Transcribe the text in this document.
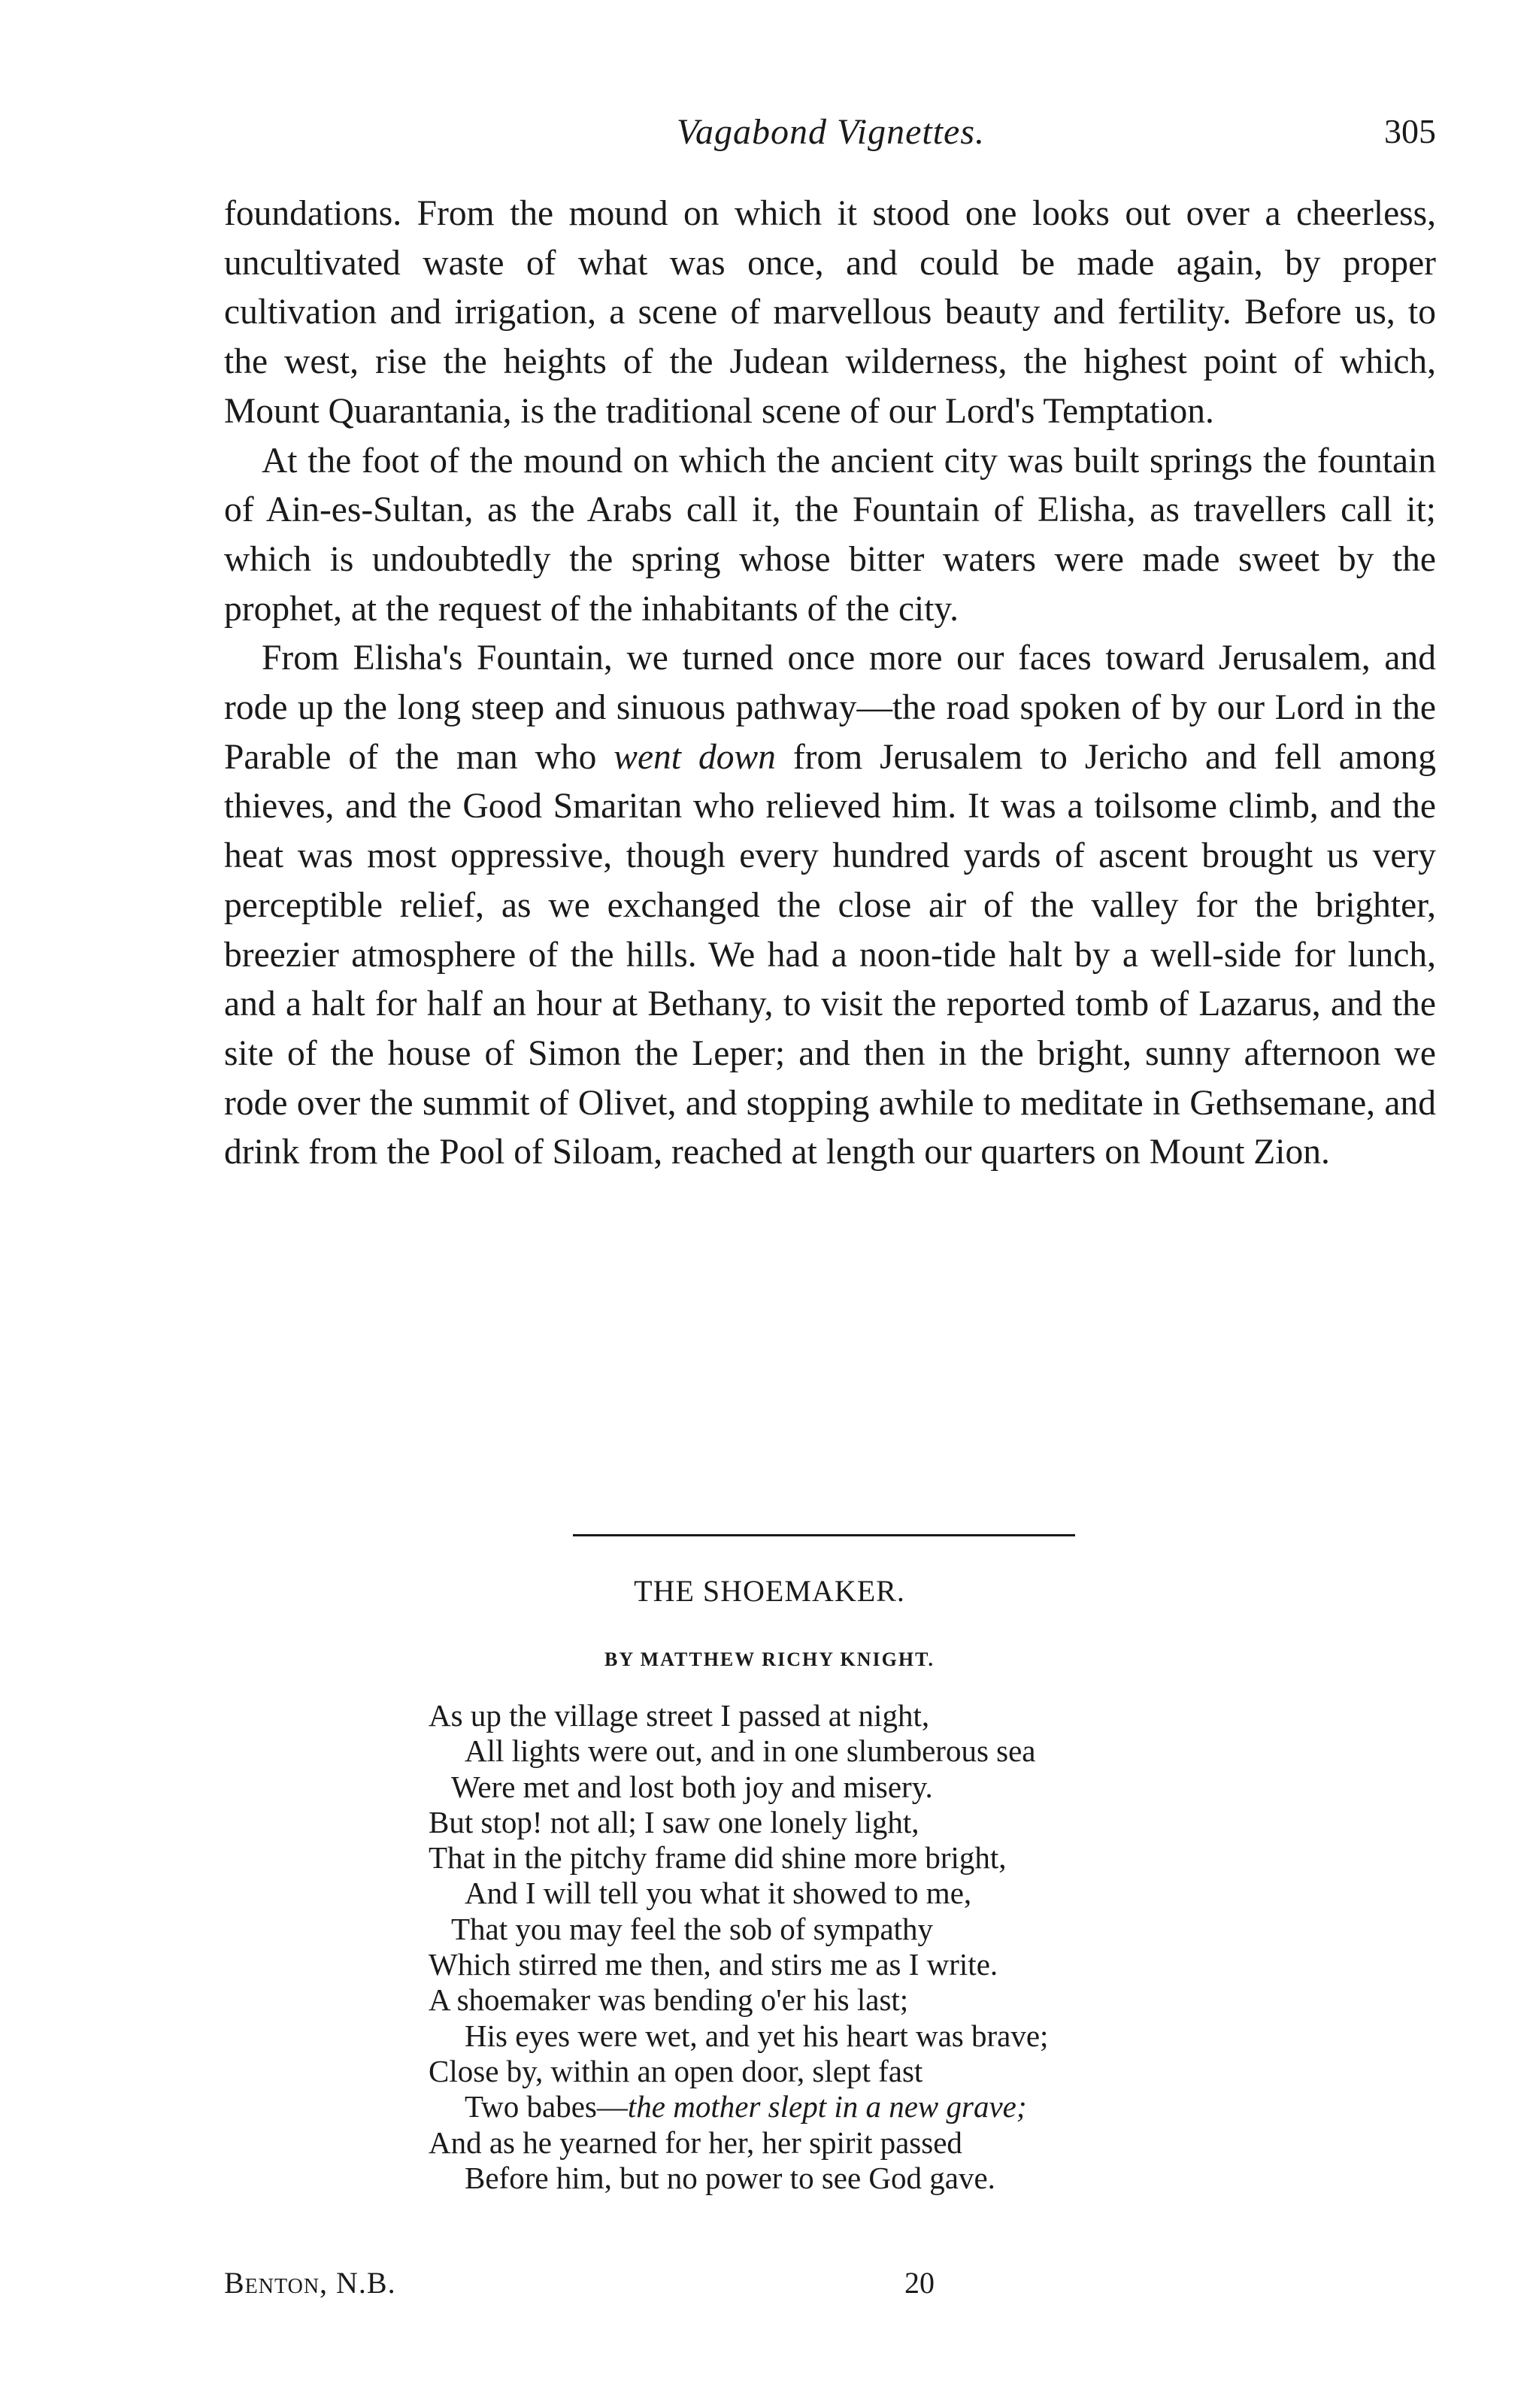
Vagabond Vignettes.	305

foundations. From the mound on which it stood one looks out over a cheerless, uncultivated waste of what was once, and could be made again, by proper cultivation and irrigation, a scene of marvellous beauty and fertility. Before us, to the west, rise the heights of the Judean wilderness, the highest point of which, Mount Quarantania, is the traditional scene of our Lord's Temptation.

At the foot of the mound on which the ancient city was built springs the fountain of Ain-es-Sultan, as the Arabs call it, the Fountain of Elisha, as travellers call it; which is undoubtedly the spring whose bitter waters were made sweet by the prophet, at the request of the inhabitants of the city.

From Elisha's Fountain, we turned once more our faces toward Jerusalem, and rode up the long steep and sinuous pathway—the road spoken of by our Lord in the Parable of the man who went down from Jerusalem to Jericho and fell among thieves, and the Good Smaritan who relieved him. It was a toilsome climb, and the heat was most oppressive, though every hundred yards of ascent brought us very perceptible relief, as we exchanged the close air of the valley for the brighter, breezier atmosphere of the hills. We had a noon-tide halt by a well-side for lunch, and a halt for half an hour at Bethany, to visit the reported tomb of Lazarus, and the site of the house of Simon the Leper; and then in the bright, sunny afternoon we rode over the summit of Olivet, and stopping awhile to meditate in Gethsemane, and drink from the Pool of Siloam, reached at length our quarters on Mount Zion.

THE SHOEMAKER.
BY MATTHEW RICHY KNIGHT.
As up the village street I passed at night,
All lights were out, and in one slumberous sea
Were met and lost both joy and misery.
But stop! not all; I saw one lonely light,
That in the pitchy frame did shine more bright,
And I will tell you what it showed to me,
That you may feel the sob of sympathy
Which stirred me then, and stirs me as I write.
A shoemaker was bending o'er his last;
His eyes were wet, and yet his heart was brave;
Close by, within an open door, slept fast
Two babes—the mother slept in a new grave;
And as he yearned for her, her spirit passed
Before him, but no power to see God gave.
Benton, N.B.	20
